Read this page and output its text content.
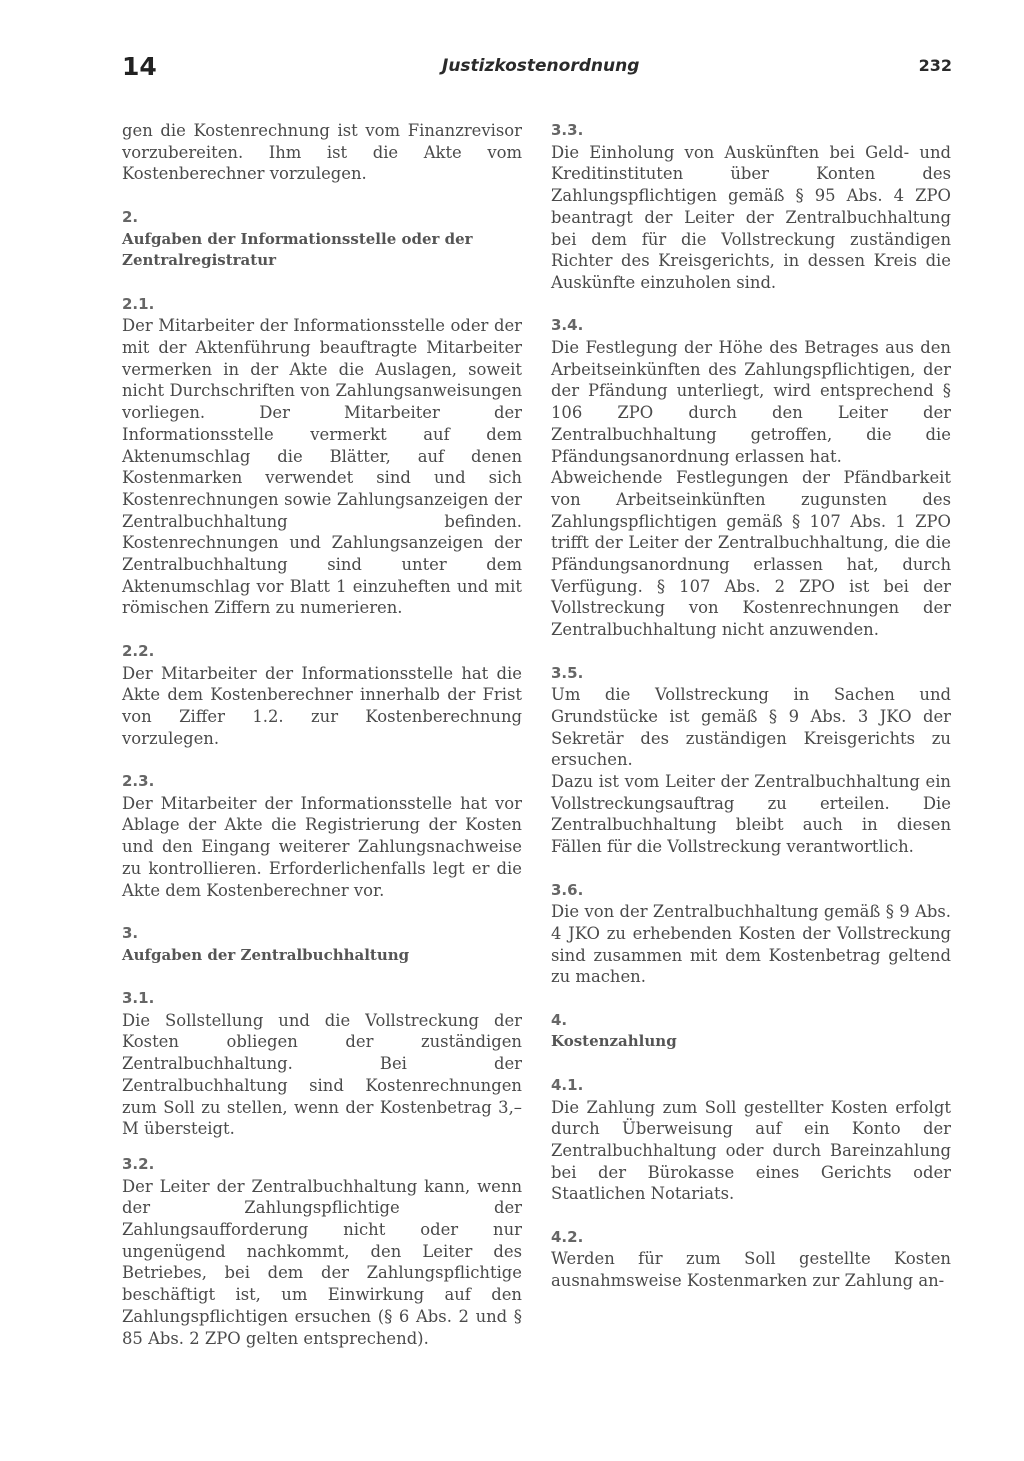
14	Justizkostenordnung	232

gen die Kostenrechnung ist vom Finanzrevisor vorzubereiten. Ihm ist die Akte vom Kostenberechner vorzulegen.

2.

Aufgaben der Informationsstelle oder der Zentralregistratur

2.1.

Der Mitarbeiter der Informationsstelle oder der mit der Aktenführung beauftragte Mitarbeiter vermerken in der Akte die Auslagen, soweit nicht Durchschriften von Zahlungsanweisungen vorliegen. Der Mitarbeiter der Informationsstelle vermerkt auf dem Aktenumschlag die Blätter, auf denen Kostenmarken verwendet sind und sich Kostenrechnungen sowie Zahlungsanzeigen der Zentralbuchhaltung befinden. Kostenrechnungen und Zahlungsanzeigen der Zentralbuchhaltung sind unter dem Aktenumschlag vor Blatt 1 einzuheften und mit römischen Ziffern zu numerieren.

2.2.

Der Mitarbeiter der Informationsstelle hat die Akte dem Kostenberechner innerhalb der Frist von Ziffer 1.2. zur Kostenberechnung vorzulegen.

2.3.

Der Mitarbeiter der Informationsstelle hat vor Ablage der Akte die Registrierung der Kosten und den Eingang weiterer Zahlungsnachweise zu kontrollieren. Erforderlichenfalls legt er die Akte dem Kostenberechner vor.

3.

Aufgaben der Zentralbuchhaltung

3.1.

Die Sollstellung und die Vollstreckung der Kosten obliegen der zuständigen Zentralbuchhaltung. Bei der Zentralbuchhaltung sind Kostenrechnungen zum Soll zu stellen, wenn der Kostenbetrag 3,– M übersteigt.

3.2.

Der Leiter der Zentralbuchhaltung kann, wenn der Zahlungspflichtige der Zahlungsaufforderung nicht oder nur ungenügend nachkommt, den Leiter des Betriebes, bei dem der Zahlungspflichtige beschäftigt ist, um Einwirkung auf den Zahlungspflichtigen ersuchen (§ 6 Abs. 2 und § 85 Abs. 2 ZPO gelten entsprechend).

3.3.

Die Einholung von Auskünften bei Geld- und Kreditinstituten über Konten des Zahlungspflichtigen gemäß § 95 Abs. 4 ZPO beantragt der Leiter der Zentralbuchhaltung bei dem für die Vollstreckung zuständigen Richter des Kreisgerichts, in dessen Kreis die Auskünfte einzuholen sind.

3.4.

Die Festlegung der Höhe des Betrages aus den Arbeitseinkünften des Zahlungspflichtigen, der der Pfändung unterliegt, wird entsprechend § 106 ZPO durch den Leiter der Zentralbuchhaltung getroffen, die die Pfändungsanordnung erlassen hat.

Abweichende Festlegungen der Pfändbarkeit von Arbeitseinkünften zugunsten des Zahlungspflichtigen gemäß § 107 Abs. 1 ZPO trifft der Leiter der Zentralbuchhaltung, die die Pfändungsanordnung erlassen hat, durch Verfügung. § 107 Abs. 2 ZPO ist bei der Vollstreckung von Kostenrechnungen der Zentralbuchhaltung nicht anzuwenden.

3.5.

Um die Vollstreckung in Sachen und Grundstücke ist gemäß § 9 Abs. 3 JKO der Sekretär des zuständigen Kreisgerichts zu ersuchen.

Dazu ist vom Leiter der Zentralbuchhaltung ein Vollstreckungsauftrag zu erteilen. Die Zentralbuchhaltung bleibt auch in diesen Fällen für die Vollstreckung verantwortlich.

3.6.

Die von der Zentralbuchhaltung gemäß § 9 Abs. 4 JKO zu erhebenden Kosten der Vollstreckung sind zusammen mit dem Kostenbetrag geltend zu machen.

4.

Kostenzahlung

4.1.

Die Zahlung zum Soll gestellter Kosten erfolgt durch Überweisung auf ein Konto der Zentralbuchhaltung oder durch Bareinzahlung bei der Bürokasse eines Gerichts oder Staatlichen Notariats.

4.2.

Werden für zum Soll gestellte Kosten ausnahmsweise Kostenmarken zur Zahlung an-
